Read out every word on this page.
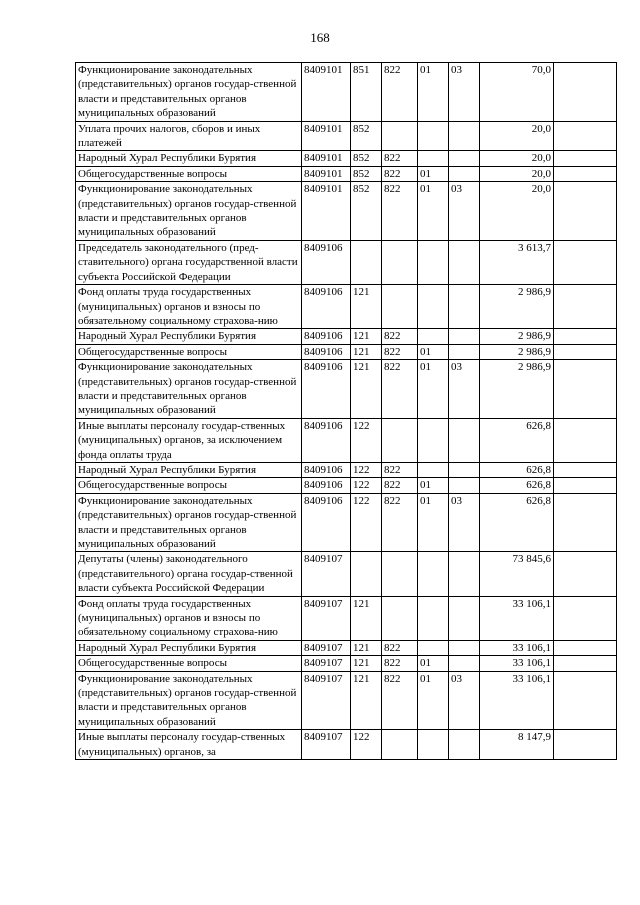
168
Функционирование законодательных (представительных) органов государ-ственной власти и представительных органов муниципальных образований	8409101	851	822	01	03	70,0	
Уплата прочих налогов, сборов и иных платежей	8409101	852				20,0	
Народный Хурал Республики Бурятия	8409101	852	822			20,0	
Общегосударственные вопросы	8409101	852	822	01		20,0	
Функционирование законодательных (представительных) органов государ-ственной власти и представительных органов муниципальных образований	8409101	852	822	01	03	20,0	
Председатель законодательного (пред-ставительного) органа государственной власти субъекта Российской Федерации	8409106					3 613,7	
Фонд оплаты труда государственных (муниципальных) органов и взносы по обязательному социальному страхова-нию	8409106	121				2 986,9	
Народный Хурал Республики Бурятия	8409106	121	822			2 986,9	
Общегосударственные вопросы	8409106	121	822	01		2 986,9	
Функционирование законодательных (представительных) органов государ-ственной власти и представительных органов муниципальных образований	8409106	121	822	01	03	2 986,9	
Иные выплаты персоналу государ-ственных (муниципальных) органов, за исключением фонда оплаты труда	8409106	122				626,8	
Народный Хурал Республики Бурятия	8409106	122	822			626,8	
Общегосударственные вопросы	8409106	122	822	01		626,8	
Функционирование законодательных (представительных) органов государ-ственной власти и представительных органов муниципальных образований	8409106	122	822	01	03	626,8	
Депутаты (члены) законодательного (представительного) органа государ-ственной власти субъекта Российской Федерации	8409107					73 845,6	
Фонд оплаты труда государственных (муниципальных) органов и взносы по обязательному социальному страхова-нию	8409107	121				33 106,1	
Народный Хурал Республики Бурятия	8409107	121	822			33 106,1	
Общегосударственные вопросы	8409107	121	822	01		33 106,1	
Функционирование законодательных (представительных) органов государ-ственной власти и представительных органов муниципальных образований	8409107	121	822	01	03	33 106,1	
Иные выплаты персоналу государ-ственных (муниципальных) органов, за	8409107	122				8 147,9	
